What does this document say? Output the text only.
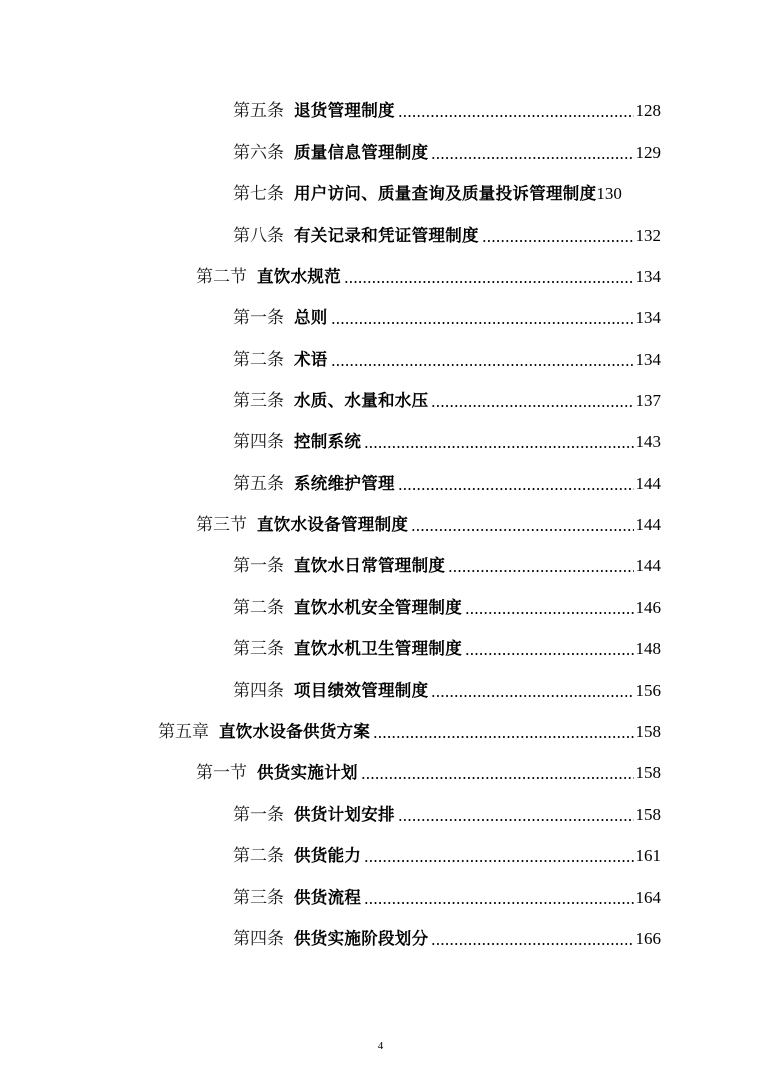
第五条 退货管理制度	128
第六条 质量信息管理制度	129
第七条 用户访问、质量查询及质量投诉管理制度 130
第八条 有关记录和凭证管理制度	132
第二节 直饮水规范	134
第一条 总则	134
第二条 术语	134
第三条 水质、水量和水压	137
第四条 控制系统	143
第五条 系统维护管理	144
第三节 直饮水设备管理制度	144
第一条 直饮水日常管理制度	144
第二条 直饮水机安全管理制度	146
第三条 直饮水机卫生管理制度	148
第四条 项目绩效管理制度	156
第五章 直饮水设备供货方案	158
第一节 供货实施计划	158
第一条 供货计划安排	158
第二条 供货能力	161
第三条 供货流程	164
第四条 供货实施阶段划分	166
4
